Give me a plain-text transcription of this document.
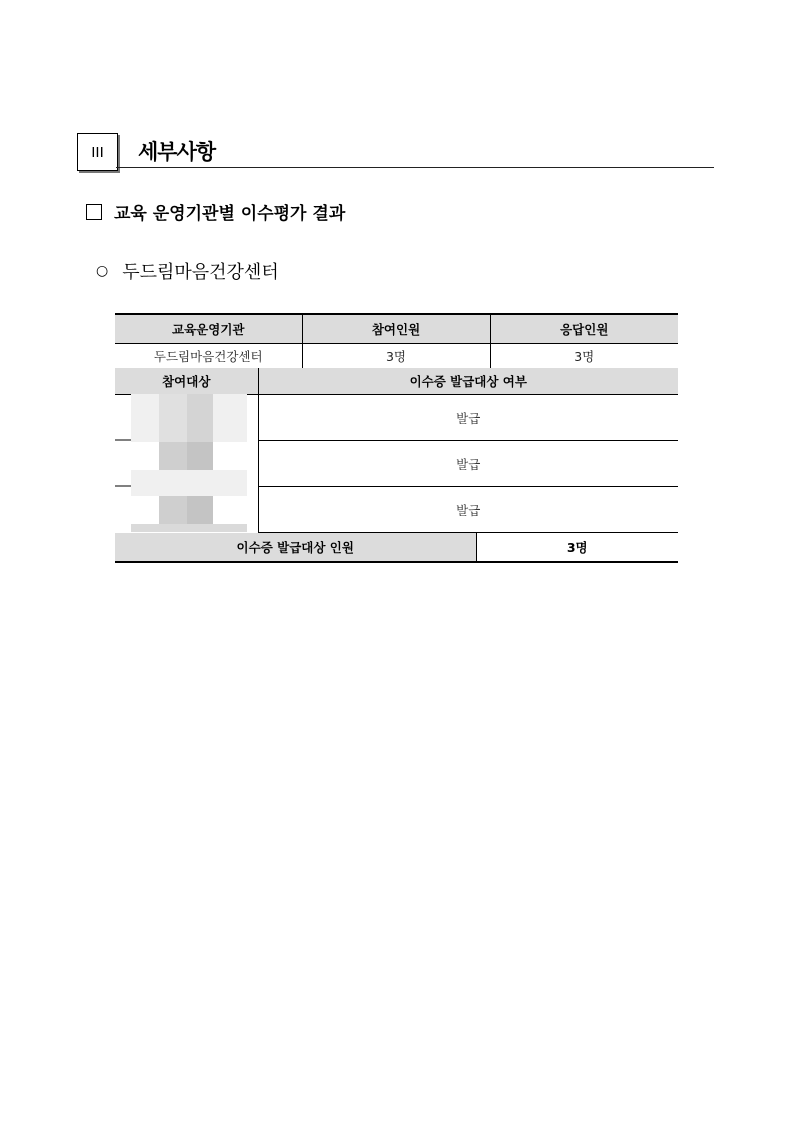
III 세부사항
교육 운영기관별 이수평가 결과
○ 두드림마음건강센터
교육운영기관	참여인원	응답인원
두드림마음건강센터	3명	3명
참여대상	이수증 발급대상 여부	
	발급	
	발급	
	발급	
이수증 발급대상 인원		3명
